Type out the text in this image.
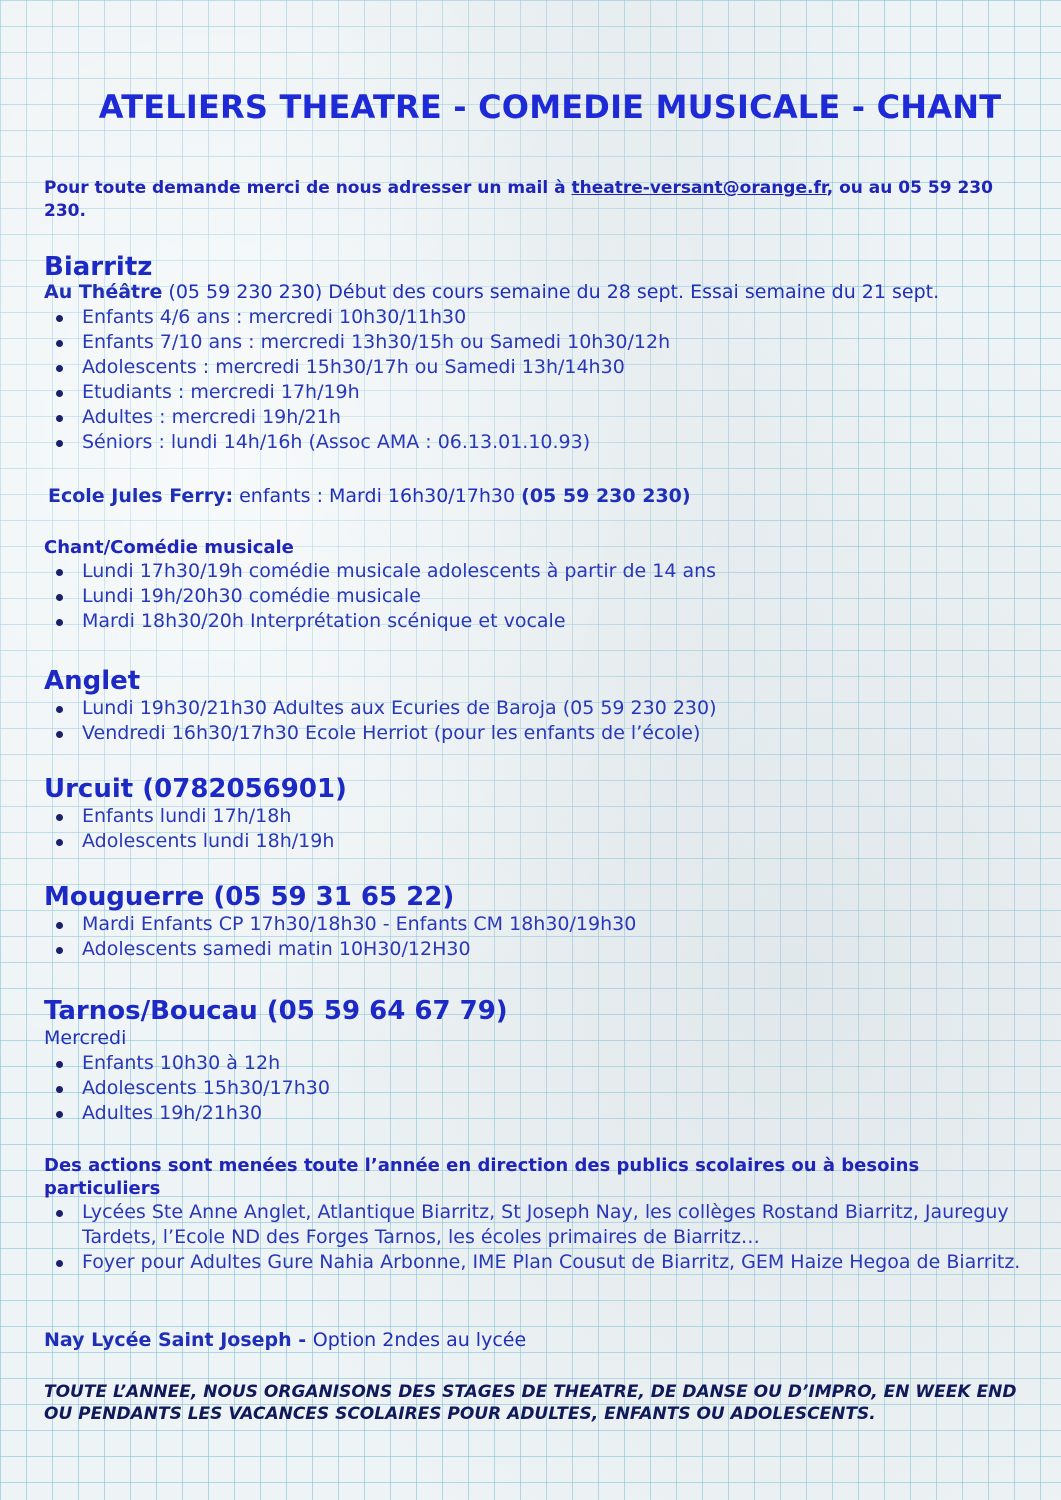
ATELIERS THEATRE - COMEDIE MUSICALE - CHANT
Pour toute demande merci de nous adresser un mail à theatre-versant@orange.fr, ou au 05 59 230 230.
Biarritz
Au Théâtre (05 59 230 230) Début des cours semaine du 28 sept. Essai semaine du 21 sept.
Enfants 4/6 ans : mercredi 10h30/11h30
Enfants 7/10 ans : mercredi 13h30/15h ou Samedi 10h30/12h
Adolescents : mercredi 15h30/17h ou Samedi 13h/14h30
Etudiants : mercredi 17h/19h
Adultes : mercredi 19h/21h
Séniors : lundi 14h/16h (Assoc AMA : 06.13.01.10.93)
Ecole Jules Ferry: enfants : Mardi 16h30/17h30 (05 59 230 230)
Chant/Comédie musicale
Lundi 17h30/19h comédie musicale adolescents à partir de 14 ans
Lundi 19h/20h30 comédie musicale
Mardi 18h30/20h Interprétation scénique et vocale
Anglet
Lundi 19h30/21h30 Adultes aux Ecuries de Baroja (05 59 230 230)
Vendredi 16h30/17h30 Ecole Herriot (pour les enfants de l’école)
Urcuit (0782056901)
Enfants lundi 17h/18h
Adolescents lundi 18h/19h
Mouguerre (05 59 31 65 22)
Mardi Enfants CP 17h30/18h30 - Enfants CM 18h30/19h30
Adolescents samedi matin 10H30/12H30
Tarnos/Boucau (05 59 64 67 79)
Mercredi
Enfants 10h30 à 12h
Adolescents 15h30/17h30
Adultes 19h/21h30
Des actions sont menées toute l’année en direction des publics scolaires ou à besoins particuliers
Lycées Ste Anne Anglet, Atlantique Biarritz, St Joseph Nay, les collèges Rostand Biarritz, Jaureguy Tardets, l’Ecole ND des Forges Tarnos, les écoles primaires de Biarritz…
Foyer pour Adultes Gure Nahia Arbonne, IME Plan Cousut de Biarritz, GEM Haize Hegoa de Biarritz.
Nay Lycée Saint Joseph - Option 2ndes au lycée
TOUTE L’ANNEE, NOUS ORGANISONS DES STAGES DE THEATRE, DE DANSE OU D’IMPRO, EN WEEK END OU PENDANTS LES VACANCES SCOLAIRES POUR ADULTES, ENFANTS OU ADOLESCENTS.
